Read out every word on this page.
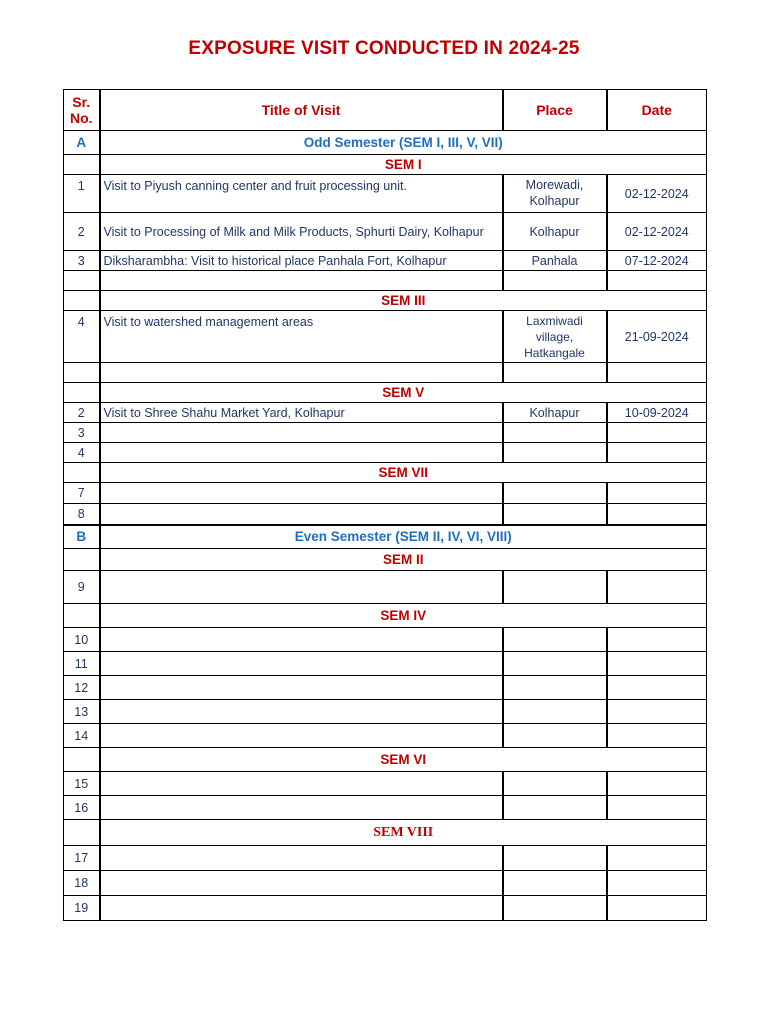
EXPOSURE VISIT CONDUCTED IN 2024-25
Sr. No.	Title of Visit	Place	Date
A	Odd Semester (SEM I, III, V, VII)		
	SEM I		
1	Visit to Piyush canning center and fruit processing unit.	Morewadi, Kolhapur	02-12-2024
2	Visit to Processing of Milk and Milk Products, Sphurti Dairy, Kolhapur	Kolhapur	02-12-2024
3	Diksharambha: Visit to historical place Panhala Fort, Kolhapur	Panhala	07-12-2024

	SEM III		
4	Visit to watershed management areas	Laxmiwadi village, Hatkangale	21-09-2024

	SEM V		
2	Visit to Shree Shahu Market Yard, Kolhapur	Kolhapur	10-09-2024
3			
4			
	SEM VII		
7			
8			
B	Even Semester (SEM II, IV, VI, VIII)		
	SEM II		
9			
	SEM IV		
10			
11			
12			
13			
14			
	SEM VI		
15			
16			
	SEM VIII		
17			
18			
19			
